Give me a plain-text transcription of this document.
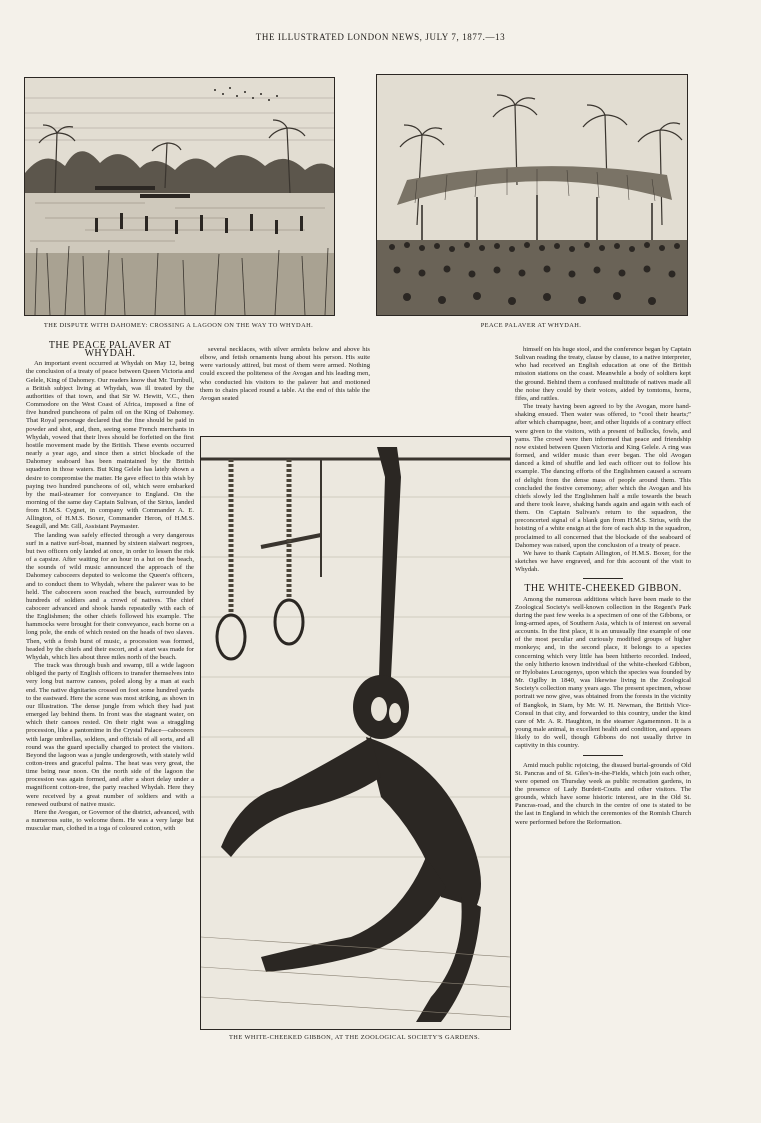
THE ILLUSTRATED LONDON NEWS, JULY 7, 1877.—13
THE DISPUTE WITH DAHOMEY: CROSSING A LAGOON ON THE WAY TO WHYDAH.	PEACE PALAVER AT WHYDAH.
THE WHITE-CHEEKED GIBBON, AT THE ZOOLOGICAL SOCIETY'S GARDENS.
THE PEACE PALAVER AT WHYDAH.

An important event occurred at Whydah on May 12, being the conclusion of a treaty of peace between Queen Victoria and Gelele, King of Dahomey. Our readers know that Mr. Turnbull, a British subject living at Whydah, was ill treated by the authorities of that town, and that Sir W. Hewitt, V.C., then Commodore on the West Coast of Africa, imposed a fine of five hundred puncheons of palm oil on the King of Dahomey. That Royal personage declared that the fine should be paid in powder and shot, and, then, seeing some French merchants in Whydah, vowed that their lives should be forfeited on the first hostile movement made by the British. These events occurred nearly a year ago, and since then a strict blockade of the Dahomey seaboard has been maintained by the British squadron in those waters. But King Gelele has lately shown a desire to compromise the matter. He gave effect to this wish by paying two hundred puncheons of oil, which were embarked by the mail-steamer for conveyance to England. On the morning of the same day Captain Sulivan, of the Sirius, landed from H.M.S. Cygnet, in company with Commander A. E. Allington, of H.M.S. Boxer, Commander Heron, of H.M.S. Seagull, and Mr. Gill, Assistant Paymaster.

The landing was safely effected through a very dangerous surf in a native surf-boat, manned by sixteen stalwart negroes, but two officers only landed at once, in order to lessen the risk of a capsize. After waiting for an hour in a hut on the beach, the sounds of wild music announced the approach of the Dahomey caboceers deputed to welcome the Queen's officers, and to conduct them to Whydah, where the palaver was to be held. The caboceers soon reached the beach, surrounded by hundreds of soldiers and a crowd of natives. The chief caboceer advanced and shook hands repeatedly with each of the Englishmen; the other chiefs followed his example. The hammocks were brought for their conveyance, each borne on a long pole, the ends of which rested on the heads of two slaves. Then, with a fresh burst of music, a procession was formed, headed by the chiefs and their escort, and a start was made for Whydah, which lies about three miles north of the beach.

The track was through bush and swamp, till a wide lagoon obliged the party of English officers to transfer themselves into very long but narrow canoes, poled along by a man at each end. The native dignitaries crossed on foot some hundred yards to the eastward. Here the scene was most striking, as shown in our Illustration. The dense jungle from which they had just emerged lay behind them. In front was the stagnant water, on which their canoes rested. On their right was a straggling procession, like a pantomime in the Crystal Palace—caboceers with large umbrellas, soldiers, and officials of all sorts, and all round was the guard specially charged to protect the visitors. Beyond the lagoon was a jungle undergrowth, with stately wild cotton-trees and graceful palms. The heat was very great, the time being near noon. On the north side of the lagoon the procession was again formed, and after a short delay under a magnificent cotton-tree, the party reached Whydah. Here they were received by a great number of soldiers and with a renewed outburst of native music.

Here the Avogan, or Governor of the district, advanced, with a numerous suite, to welcome them. He was a very large but muscular man, clothed in a toga of coloured cotton, with

several necklaces, with silver armlets below and above his elbow, and fetish ornaments hung about his person. His suite were variously attired, but most of them were armed. Nothing could exceed the politeness of the Avogan and his leading men, who conducted his visitors to the palaver hut and motioned them to chairs placed round a table. At the end of this table the Avogan seated

himself on his huge stool, and the conference began by Captain Sulivan reading the treaty, clause by clause, to a native interpreter, who had received an English education at one of the British mission stations on the coast. Meanwhile a body of soldiers kept the ground. Behind them a confused multitude of natives made all the noise they could by their voices, aided by tomtoms, horns, fifes, and rattles.

The treaty having been agreed to by the Avogan, more hand-shaking ensued. Then water was offered, to “cool their hearts;” after which champagne, beer, and other liquids of a contrary effect were given to the visitors, with a present of bullocks, fowls, and yams. The crowd were then informed that peace and friendship now existed between Queen Victoria and King Gelele. A ring was formed, and wilder music than ever began. The old Avogan danced a kind of shuffle and led each officer out to follow his example. The dancing efforts of the Englishmen caused a scream of delight from the dense mass of people around them. This concluded the festive ceremony; after which the Avogan and his chiefs slowly led the Englishmen half a mile towards the beach and there took leave, shaking hands again and again with each of them. On Captain Sulivan's return to the squadron, the preconcerted signal of a blank gun from H.M.S. Sirius, with the hoisting of a white ensign at the fore of each ship in the squadron, proclaimed to all concerned that the blockade of the seaboard of Dahomey was raised, upon the conclusion of a treaty of peace.

We have to thank Captain Allington, of H.M.S. Boxer, for the sketches we have engraved, and for this account of the visit to Whydah.

THE WHITE-CHEEKED GIBBON.

Among the numerous additions which have been made to the Zoological Society's well-known collection in the Regent's Park during the past few weeks is a specimen of one of the Gibbons, or long-armed apes, of Southern Asia, which is of interest on several accounts. In the first place, it is an unusually fine example of one of the most peculiar and curiously modified groups of higher monkeys; and, in the second place, it belongs to a species concerning which very little has been hitherto recorded. Indeed, the only hitherto known individual of the white-cheeked Gibbon, or Hylobates Leucogenys, upon which the species was founded by Mr. Ogilby in 1840, was likewise living in the Zoological Society's collection many years ago. The present specimen, whose portrait we now give, was obtained from the forests in the vicinity of Bangkok, in Siam, by Mr. W. H. Newman, the British Vice-Consul in that city, and forwarded to this country, under the kind care of Mr. A. R. Haughton, in the steamer Agamemnon. It is a young male animal, in excellent health and condition, and appears likely to do well, though Gibbons do not usually thrive in captivity in this country.

Amid much public rejoicing, the disused burial-grounds of Old St. Pancras and of St. Giles's-in-the-Fields, which join each other, were opened on Thursday week as public recreation gardens, in the presence of Lady Burdett-Coutts and other visitors. The grounds, which have some historic interest, are in the Old St. Pancras-road, and the church in the centre of one is stated to be the last in England in which the ceremonies of the Romish Church were performed before the Reformation.
